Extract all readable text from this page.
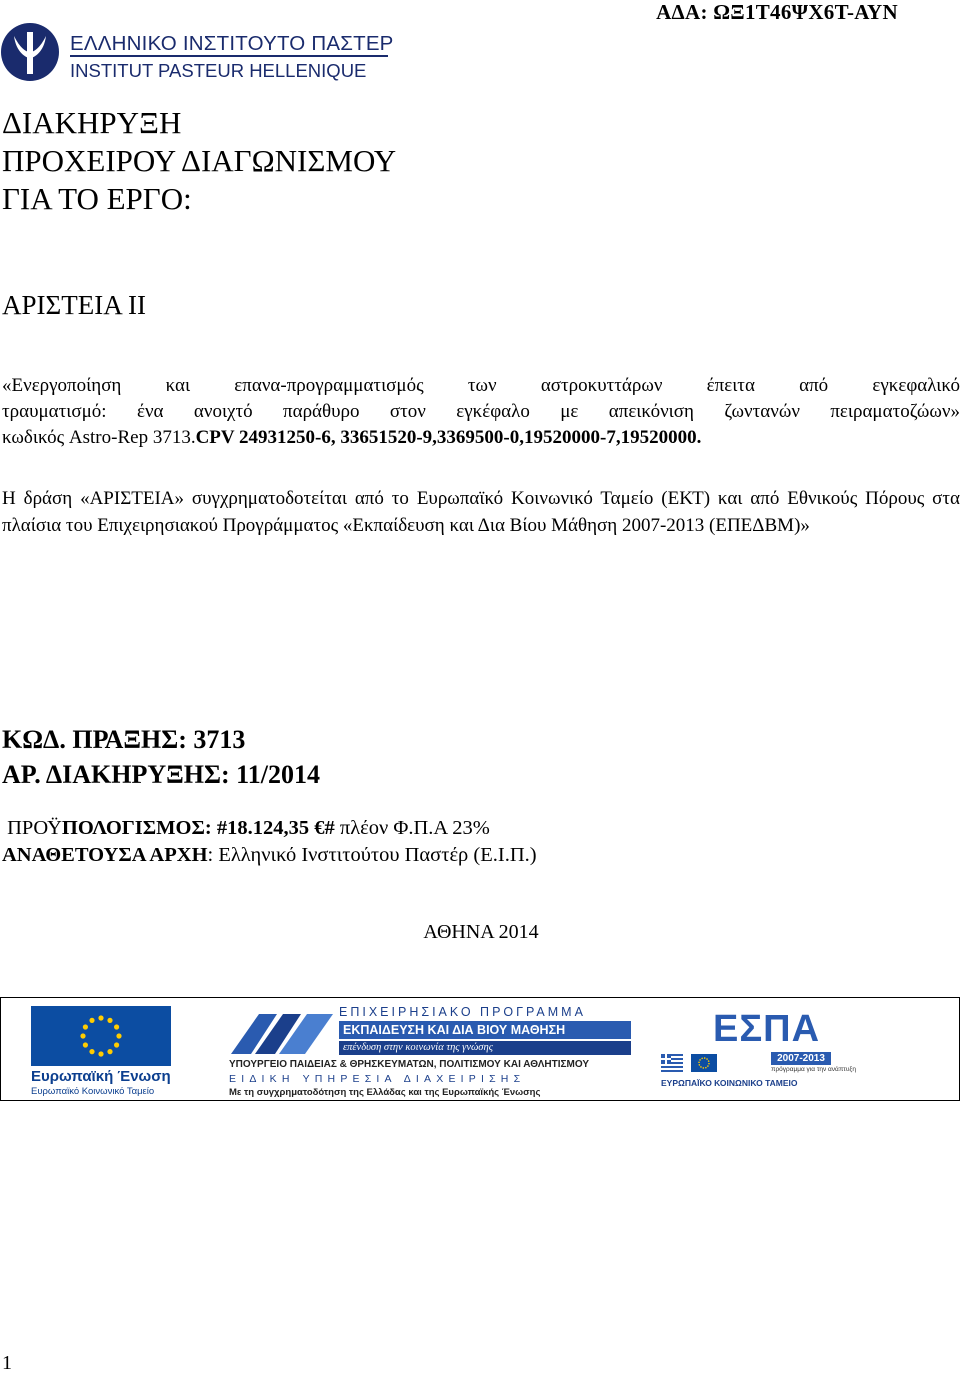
ΑΔΑ: ΩΞ1Τ46ΨΧ6Τ-ΑΥΝ
ΕΛΛΗΝΙΚΟ ΙΝΣΤΙΤΟΥΤΟ ΠΑΣΤΕΡ
INSTITUT PASTEUR HELLENIQUE
ΔΙΑΚΗΡΥΞΗ
ΠΡΟΧΕΙΡΟΥ ΔΙΑΓΩΝΙΣΜΟΥ
ΓΙΑ ΤΟ ΕΡΓΟ:
ΑΡΙΣΤΕΙΑ ΙΙ
«Ενεργοποίηση και επανα-προγραμματισμός των αστροκυττάρων έπειτα από εγκεφαλικό
τραυματισμό: ένα ανοιχτό παράθυρο στον εγκέφαλο με απεικόνιση ζωντανών πειραματοζώων»
κωδικός Astro-Rep 3713.CPV 24931250-6, 33651520-9,3369500-0,19520000-7,19520000.
Η δράση «ΑΡΙΣΤΕΙΑ» συγχρηματοδοτείται από το Ευρωπαϊκό Κοινωνικό Ταμείο (ΕΚΤ) και από Εθνικούς Πόρους στα πλαίσια του Επιχειρησιακού Προγράμματος «Εκπαίδευση και Δια Βίου Μάθηση 2007-2013 (ΕΠΕΔΒΜ)»
ΚΩΔ. ΠΡΑΞΗΣ: 3713
ΑΡ. ΔΙΑΚΗΡΥΞΗΣ: 11/2014
ΠΡΟΫΠΟΛΟΓΙΣΜΟΣ: #18.124,35 €# πλέον Φ.Π.Α 23%
ΑΝΑΘΕΤΟΥΣΑ ΑΡΧΗ: Ελληνικό Ινστιτούτου Παστέρ (Ε.Ι.Π.)
ΑΘΗΝΑ 2014
Ευρωπαϊκή Ένωση
Ευρωπαϊκό Κοινωνικό Ταμείο
ΕΠΙΧΕΙΡΗΣΙΑΚΟ ΠΡΟΓΡΑΜΜΑ
ΕΚΠΑΙΔΕΥΣΗ ΚΑΙ ΔΙΑ ΒΙΟΥ ΜΑΘΗΣΗ
επένδυση στην κοινωνία της γνώσης
ΥΠΟΥΡΓΕΙΟ ΠΑΙΔΕΙΑΣ & ΘΡΗΣΚΕΥΜΑΤΩΝ, ΠΟΛΙΤΙΣΜΟΥ ΚΑΙ ΑΘΛΗΤΙΣΜΟΥ
ΕΙΔΙΚΗ ΥΠΗΡΕΣΙΑ ΔΙΑΧΕΙΡΙΣΗΣ
Με τη συγχρηματοδότηση της Ελλάδας και της Ευρωπαϊκής Ένωσης
ΕΣΠΑ
2007-2013
πρόγραμμα για την ανάπτυξη
ΕΥΡΩΠΑΪΚΟ ΚΟΙΝΩΝΙΚΟ ΤΑΜΕΙΟ
1
